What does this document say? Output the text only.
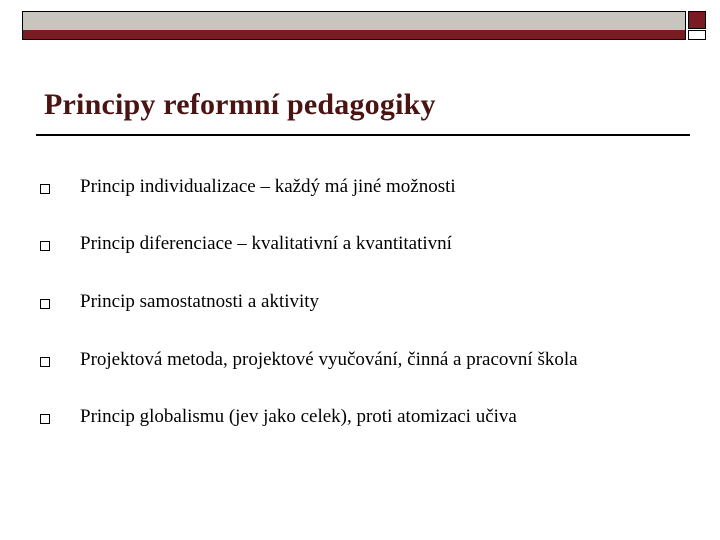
Principy reformní pedagogiky
Princip individualizace – každý má jiné možnosti
Princip diferenciace – kvalitativní a kvantitativní
Princip samostatnosti a aktivity
Projektová metoda, projektové vyučování, činná a pracovní škola
Princip globalismu (jev jako celek), proti atomizaci učiva
